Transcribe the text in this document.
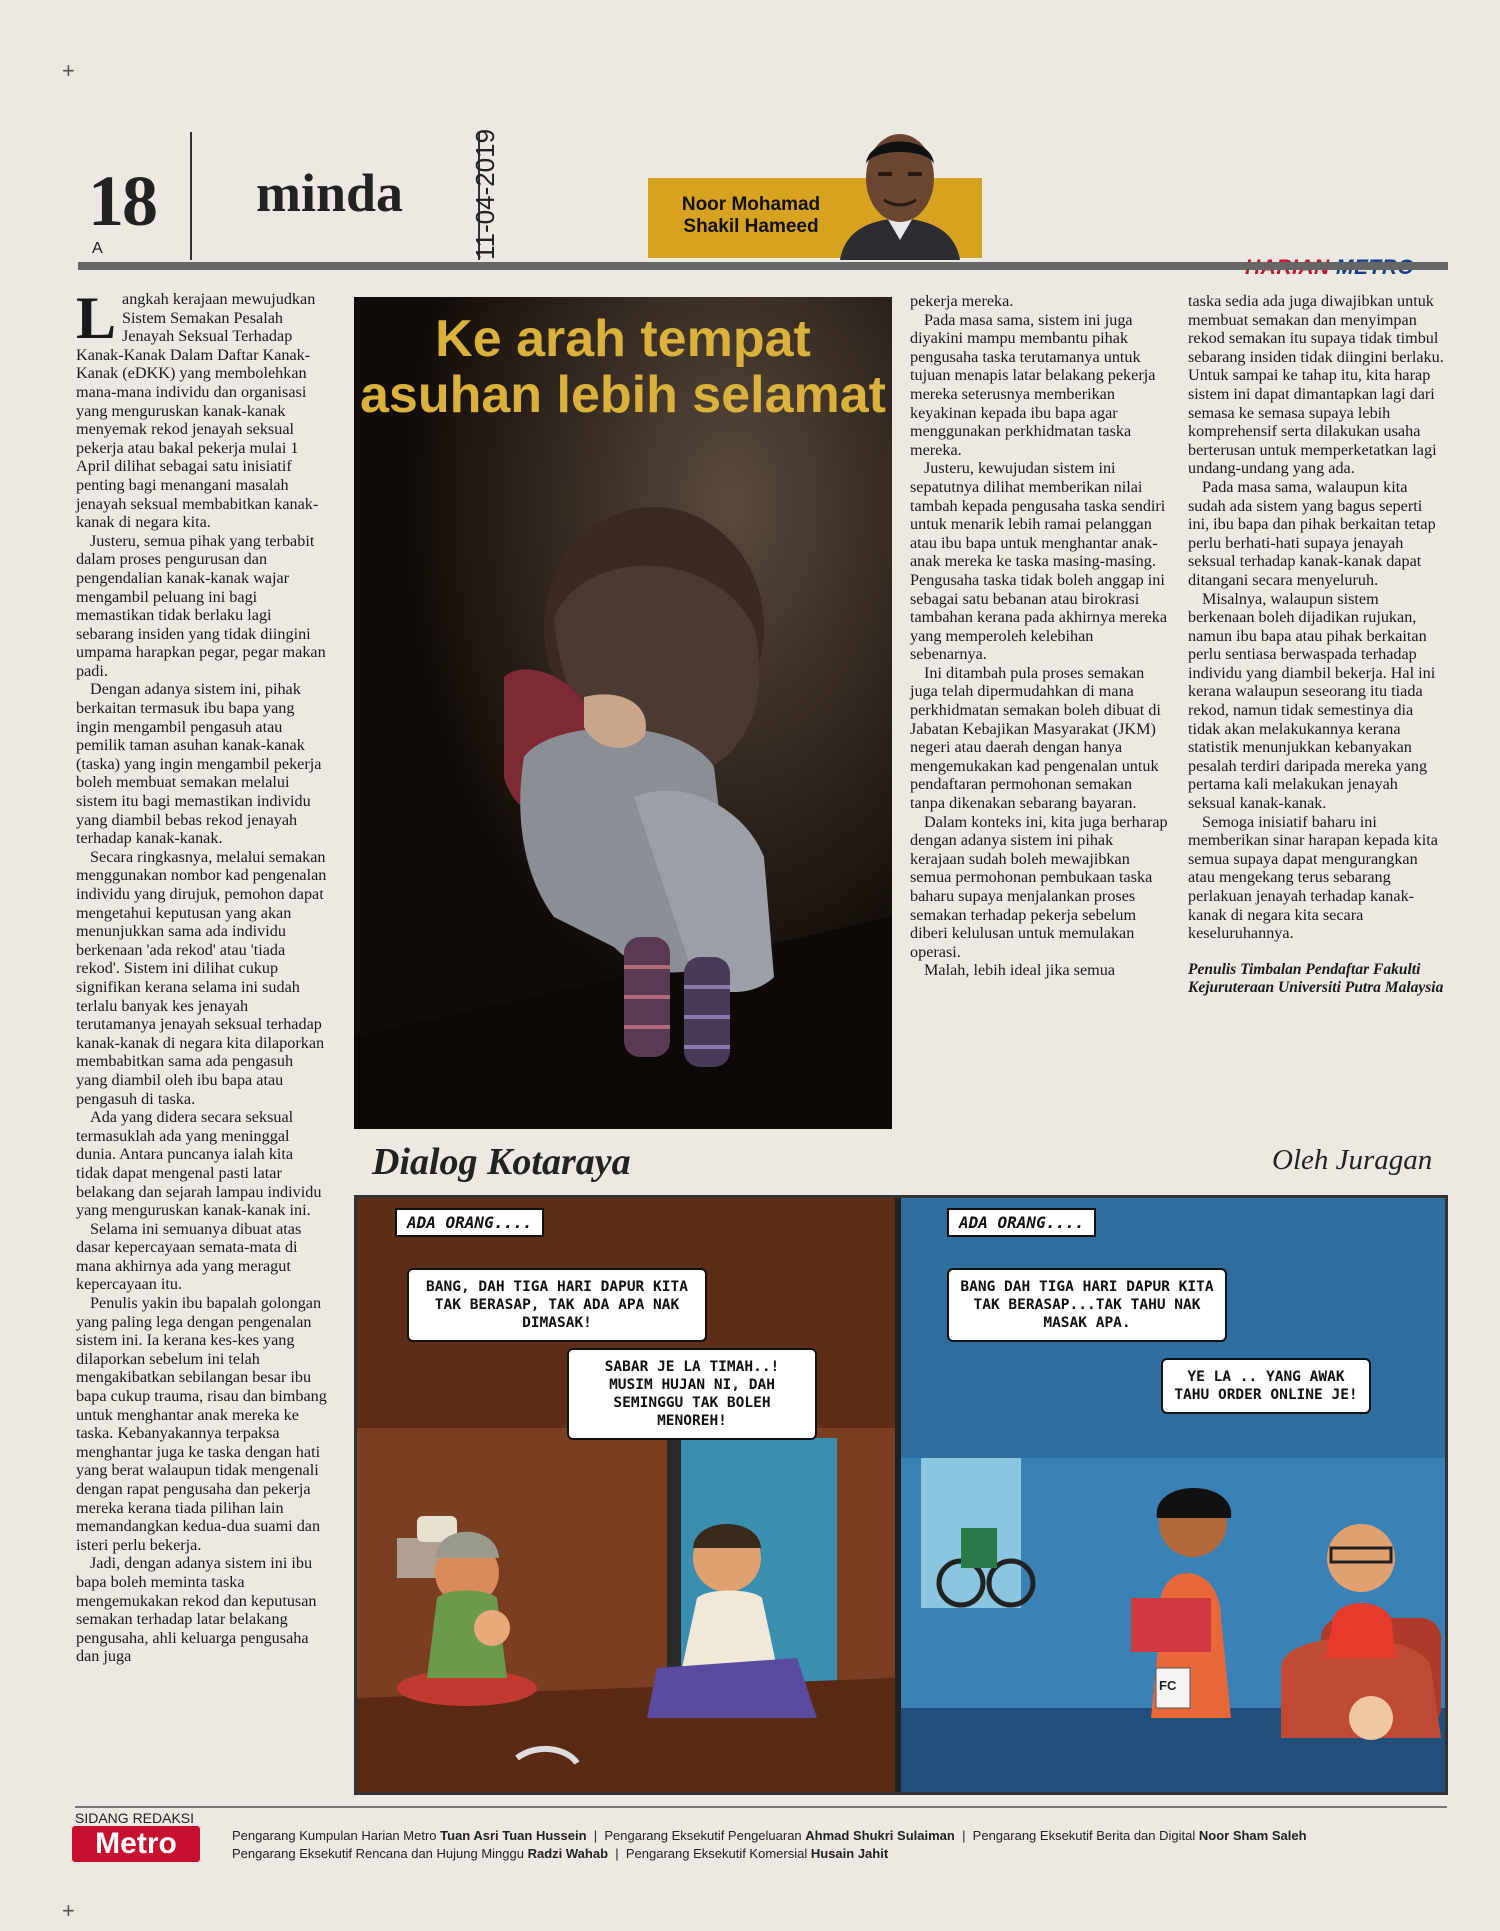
+
+
18
A
minda	11-04-2019	Noor Mohamad Shakil Hameed

Langkah kerajaan mewujudkan Sistem Semakan Pesalah Jenayah Seksual Terhadap Kanak-Kanak Dalam Daftar Kanak-Kanak (eDKK) yang membolehkan mana-mana individu dan organisasi yang menguruskan kanak-kanak menyemak rekod jenayah seksual pekerja atau bakal pekerja mulai 1 April dilihat sebagai satu inisiatif penting bagi menangani masalah jenayah seksual membabitkan kanak-kanak di negara kita.

Justeru, semua pihak yang terbabit dalam proses pengurusan dan pengendalian kanak-kanak wajar mengambil peluang ini bagi memastikan tidak berlaku lagi sebarang insiden yang tidak diingini umpama harapkan pegar, pegar makan padi.

Dengan adanya sistem ini, pihak berkaitan termasuk ibu bapa yang ingin mengambil pengasuh atau pemilik taman asuhan kanak-kanak (taska) yang ingin mengambil pekerja boleh membuat semakan melalui sistem itu bagi memastikan individu yang diambil bebas rekod jenayah terhadap kanak-kanak.

Secara ringkasnya, melalui semakan menggunakan nombor kad pengenalan individu yang dirujuk, pemohon dapat mengetahui keputusan yang akan menunjukkan sama ada individu berkenaan 'ada rekod' atau 'tiada rekod'. Sistem ini dilihat cukup signifikan kerana selama ini sudah terlalu banyak kes jenayah terutamanya jenayah seksual terhadap kanak-kanak di negara kita dilaporkan membabitkan sama ada pengasuh yang diambil oleh ibu bapa atau pengasuh di taska.

Ada yang didera secara seksual termasuklah ada yang meninggal dunia. Antara puncanya ialah kita tidak dapat mengenal pasti latar belakang dan sejarah lampau individu yang menguruskan kanak-kanak ini.

Selama ini semuanya dibuat atas dasar kepercayaan semata-mata di mana akhirnya ada yang meragut kepercayaan itu.

Penulis yakin ibu bapalah golongan yang paling lega dengan pengenalan sistem ini. Ia kerana kes-kes yang dilaporkan sebelum ini telah mengakibatkan sebilangan besar ibu bapa cukup trauma, risau dan bimbang untuk menghantar anak mereka ke taska. Kebanyakannya terpaksa menghantar juga ke taska dengan hati yang berat walaupun tidak mengenali dengan rapat pengusaha dan pekerja mereka kerana tiada pilihan lain memandangkan kedua-dua suami dan isteri perlu bekerja.

Jadi, dengan adanya sistem ini ibu bapa boleh meminta taska mengemukakan rekod dan keputusan semakan terhadap latar belakang pengusaha, ahli keluarga pengusaha dan juga

Ke arah tempat asuhan lebih selamat

pekerja mereka.

Pada masa sama, sistem ini juga diyakini mampu membantu pihak pengusaha taska terutamanya untuk tujuan menapis latar belakang pekerja mereka seterusnya memberikan keyakinan kepada ibu bapa agar menggunakan perkhidmatan taska mereka.

Justeru, kewujudan sistem ini sepatutnya dilihat memberikan nilai tambah kepada pengusaha taska sendiri untuk menarik lebih ramai pelanggan atau ibu bapa untuk menghantar anak-anak mereka ke taska masing-masing. Pengusaha taska tidak boleh anggap ini sebagai satu bebanan atau birokrasi tambahan kerana pada akhirnya mereka yang memperoleh kelebihan sebenarnya.

Ini ditambah pula proses semakan juga telah dipermudahkan di mana perkhidmatan semakan boleh dibuat di Jabatan Kebajikan Masyarakat (JKM) negeri atau daerah dengan hanya mengemukakan kad pengenalan untuk pendaftaran permohonan semakan tanpa dikenakan sebarang bayaran.

Dalam konteks ini, kita juga berharap dengan adanya sistem ini pihak kerajaan sudah boleh mewajibkan semua permohonan pembukaan taska baharu supaya menjalankan proses semakan terhadap pekerja sebelum diberi kelulusan untuk memulakan operasi.

Malah, lebih ideal jika semua

taska sedia ada juga diwajibkan untuk membuat semakan dan menyimpan rekod semakan itu supaya tidak timbul sebarang insiden tidak diingini berlaku. Untuk sampai ke tahap itu, kita harap sistem ini dapat dimantapkan lagi dari semasa ke semasa supaya lebih komprehensif serta dilakukan usaha berterusan untuk memperketatkan lagi undang-undang yang ada.

Pada masa sama, walaupun kita sudah ada sistem yang bagus seperti ini, ibu bapa dan pihak berkaitan tetap perlu berhati-hati supaya jenayah seksual terhadap kanak-kanak dapat ditangani secara menyeluruh.

Misalnya, walaupun sistem berkenaan boleh dijadikan rujukan, namun ibu bapa atau pihak berkaitan perlu sentiasa berwaspada terhadap individu yang diambil bekerja. Hal ini kerana walaupun seseorang itu tiada rekod, namun tidak semestinya dia tidak akan melakukannya kerana statistik menunjukkan kebanyakan pesalah terdiri daripada mereka yang pertama kali melakukan jenayah seksual kanak-kanak.

Semoga inisiatif baharu ini memberikan sinar harapan kepada kita semua supaya dapat mengurangkan atau mengekang terus sebarang perlakuan jenayah terhadap kanak-kanak di negara kita secara keseluruhannya.

Penulis Timbalan Pendaftar Fakulti Kejuruteraan Universiti Putra Malaysia
Dialog Kotaraya	Oleh Juragan
ADA ORANG....
BANG, DAH TIGA HARI DAPUR KITA TAK BERASAP, TAK ADA APA NAK DIMASAK!
SABAR JE LA TIMAH..! MUSIM HUJAN NI, DAH SEMINGGU TAK BOLEH MENOREH!
ADA ORANG....
BANG DAH TIGA HARI DAPUR KITA TAK BERASAP...TAK TAHU NAK MASAK APA.
YE LA .. YANG AWAK TAHU ORDER ONLINE JE!
FC
SIDANG REDAKSI
Metro	Pengarang Kumpulan Harian Metro Tuan Asri Tuan Hussein  |  Pengarang Eksekutif Pengeluaran Ahmad Shukri Sulaiman  |  Pengarang Eksekutif Berita dan Digital Noor Sham Saleh
Pengarang Eksekutif Rencana dan Hujung Minggu Radzi Wahab  |  Pengarang Eksekutif Komersial Husain Jahit
